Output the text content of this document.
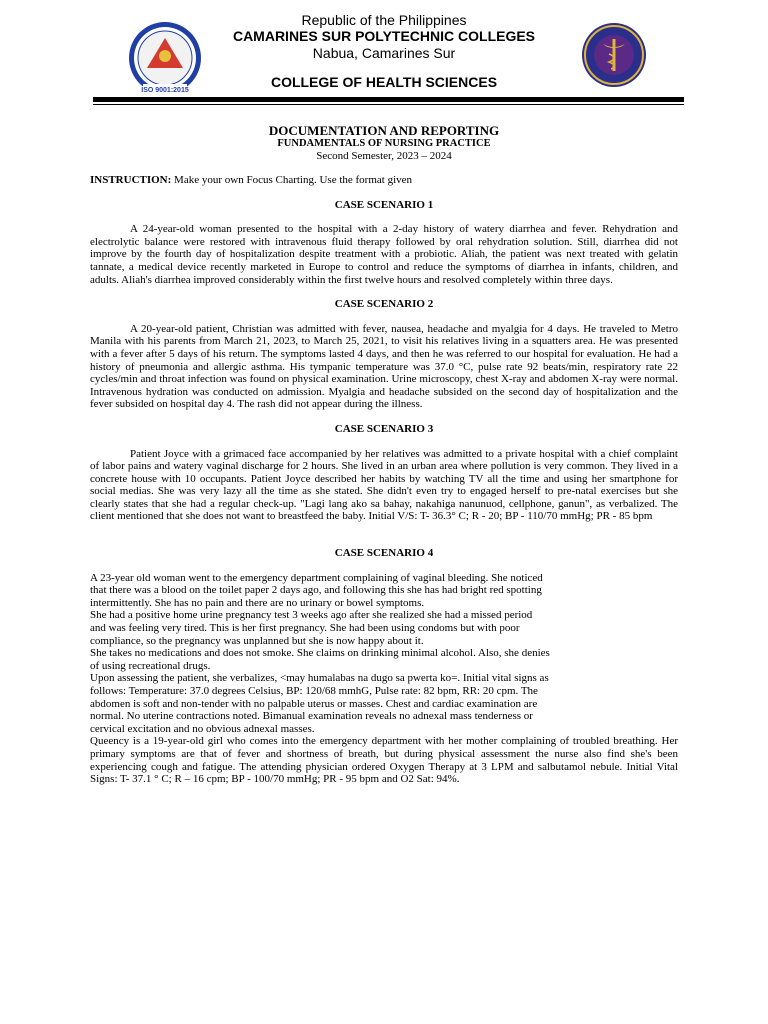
ISO 9001:2015
Republic of the Philippines
CAMARINES SUR POLYTECHNIC COLLEGES
Nabua, Camarines Sur
COLLEGE OF HEALTH SCIENCES
DOCUMENTATION AND REPORTING
FUNDAMENTALS OF NURSING PRACTICE
Second Semester, 2023 – 2024
INSTRUCTION: Make your own Focus Charting. Use the format given
CASE SCENARIO 1

A 24-year-old woman presented to the hospital with a 2-day history of watery diarrhea and fever. Rehydration and electrolytic balance were restored with intravenous fluid therapy followed by oral rehydration solution. Still, diarrhea did not improve by the fourth day of hospitalization despite treatment with a probiotic. Aliah, the patient was next treated with gelatin tannate, a medical device recently marketed in Europe to control and reduce the symptoms of diarrhea in infants, children, and adults. Aliah's diarrhea improved considerably within the first twelve hours and resolved completely within three days.

CASE SCENARIO 2

A 20-year-old patient, Christian was admitted with fever, nausea, headache and myalgia for 4 days. He traveled to Metro Manila with his parents from March 21, 2023, to March 25, 2021, to visit his relatives living in a squatters area. He was presented with a fever after 5 days of his return. The symptoms lasted 4 days, and then he was referred to our hospital for evaluation. He had a history of pneumonia and allergic asthma. His tympanic temperature was 37.0 °C, pulse rate 92 beats/min, respiratory rate 22 cycles/min and throat infection was found on physical examination. Urine microscopy, chest X-ray and abdomen X-ray were normal. Intravenous hydration was conducted on admission. Myalgia and headache subsided on the second day of hospitalization and the fever subsided on hospital day 4. The rash did not appear during the illness.

CASE SCENARIO 3

Patient Joyce with a grimaced face accompanied by her relatives was admitted to a private hospital with a chief complaint of labor pains and watery vaginal discharge for 2 hours. She lived in an urban area where pollution is very common. They lived in a concrete house with 10 occupants. Patient Joyce described her habits by watching TV all the time and using her smartphone for social medias. She was very lazy all the time as she stated. She didn't even try to engaged herself to pre-natal exercises but she clearly states that she had a regular check-up. "Lagi lang ako sa bahay, nakahiga nanunuod, cellphone, ganun", as verbalized. The client mentioned that she does not want to breastfeed the baby. Initial V/S: T- 36.3° C; R - 20; BP - 110/70 mmHg; PR - 85 bpm

CASE SCENARIO 4
A 23-year old woman went to the emergency department complaining of vaginal bleeding. She noticed
that there was a blood on the toilet paper 2 days ago, and following this she has had bright red spotting
intermittently. She has no pain and there are no urinary or bowel symptoms.
She had a positive home urine pregnancy test 3 weeks ago after she realized she had a missed period
and was feeling very tired. This is her first pregnancy. She had been using condoms but with poor
compliance, so the pregnancy was unplanned but she is now happy about it.
She takes no medications and does not smoke. She claims on drinking minimal alcohol. Also, she denies
of using recreational drugs.
Upon assessing the patient, she verbalizes, <may humalabas na dugo sa pwerta ko=. Initial vital signs as
follows: Temperature: 37.0 degrees Celsius, BP: 120/68 mmhG, Pulse rate: 82 bpm, RR: 20 cpm. The
abdomen is soft and non-tender with no palpable uterus or masses. Chest and cardiac examination are
normal. No uterine contractions noted. Bimanual examination reveals no adnexal mass tenderness or
cervical excitation and no obvious adnexal masses.

Queency is a 19-year-old girl who comes into the emergency department with her mother complaining of troubled breathing. Her primary symptoms are that of fever and shortness of breath, but during physical assessment the nurse also find she's been experiencing cough and fatigue. The attending physician ordered Oxygen Therapy at 3 LPM and salbutamol nebule. Initial Vital Signs: T- 37.1 ° C; R – 16 cpm; BP - 100/70 mmHg; PR - 95 bpm and O2 Sat: 94%.
